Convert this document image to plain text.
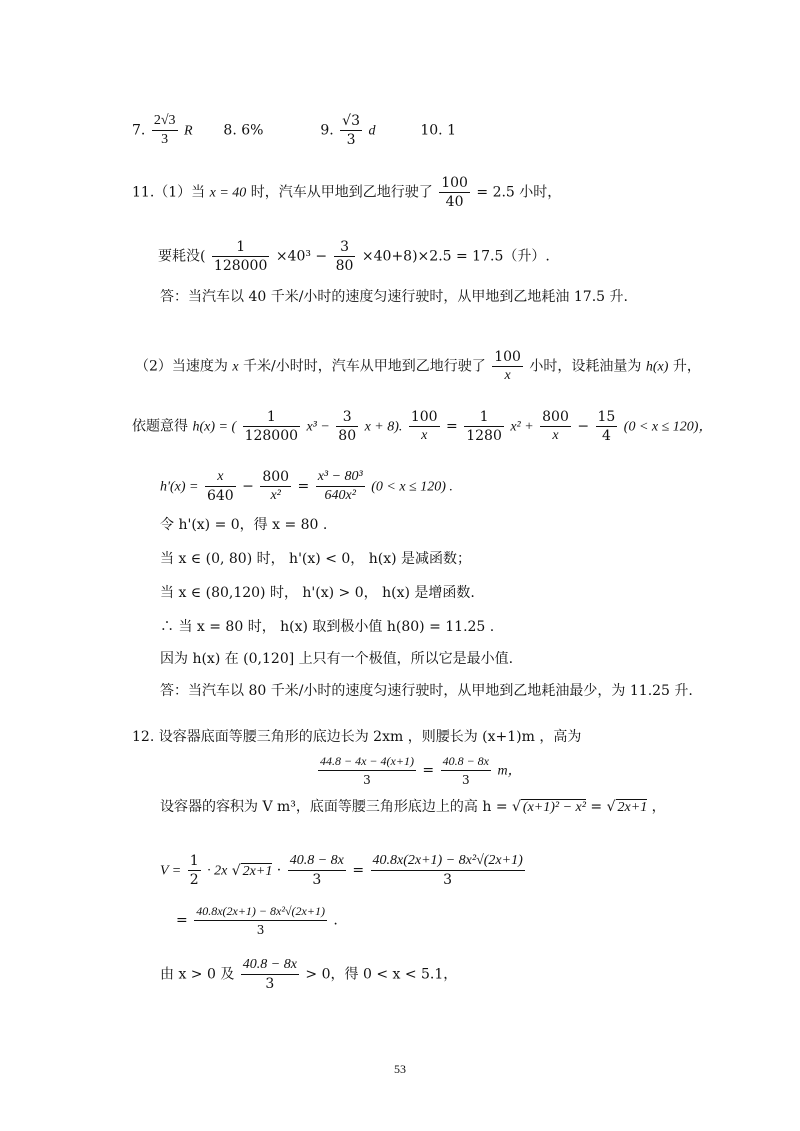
7. $\frac{2√3}{3}$ R 8. 6%	9. $\frac{√3}{3}$ d	10. 1
11.（1）当 x = 40 时，汽车从甲地到乙地行驶了 $\frac{100}{40} = 2.5$ 小时，
要耗没( $\frac{1}{128000} \times 40^3 - \frac{3}{80} \times 40+8)\times 2.5 = 17.5$（升）.
答：当汽车以 40 千米/小时的速度匀速行驶时，从甲地到乙地耗油 17.5 升.
（2）当速度为 x 千米/小时时，汽车从甲地到乙地行驶了 $\frac{100}{x}$ 小时，设耗油量为 h(x) 升，
依题意得 h(x) = ( $\frac{1}{128000} x^3 - \frac{3}{80}$ x + 8). $\frac{100}{x} = \frac{1}{1280} x^2 + \frac{800}{x} - \frac{15}{4} (0 < x \le 120)$，
$h'(x) = \frac{x}{640} - \frac{800}{\text{x²}} = \frac{\text{x³ − 80³}}{\text{640x²}} (0 < x \le 120)$ .
令 h'(x) = 0，得 x = 80 .
当 x ∈ (0, 80) 时， h'(x) < 0， h(x) 是减函数；
当 x ∈ (80,120) 时， h'(x) > 0， h(x) 是增函数.
∴ 当 x = 80 时， h(x) 取到极小值 h(80) = 11.25 .
因为 h(x) 在 (0,120] 上只有一个极值，所以它是最小值.
答：当汽车以 80 千米/小时的速度匀速行驶时，从甲地到乙地耗油最少，为 11.25 升.
12. 设容器底面等腰三角形的底边长为 2xm ，则腰长为 (x+1)m ，高为
$\frac{44.8 - 4x - 4(x+1)}{3} = \frac{40.8 - 8x}{3}$ m，
设容器的容积为 V m³，底面等腰三角形底边上的高 h = √ (x+1)² − x² = √ 2x+1 ，
$V = \frac{1}{2} \cdot 2x$ √ $2x+1 \cdot \frac{40.8 - 8x}{3} = \frac{\text{40.8x(2x+1) − 8x²√(2x+1)}}{3}$
= $\frac{\text{40.8x(2x+1) − 8x²√(2x+1)}}{3}$ .
由 x > 0 及 $\frac{40.8 - 8x}{3} > 0$，得 0 < x < 5.1，
53
